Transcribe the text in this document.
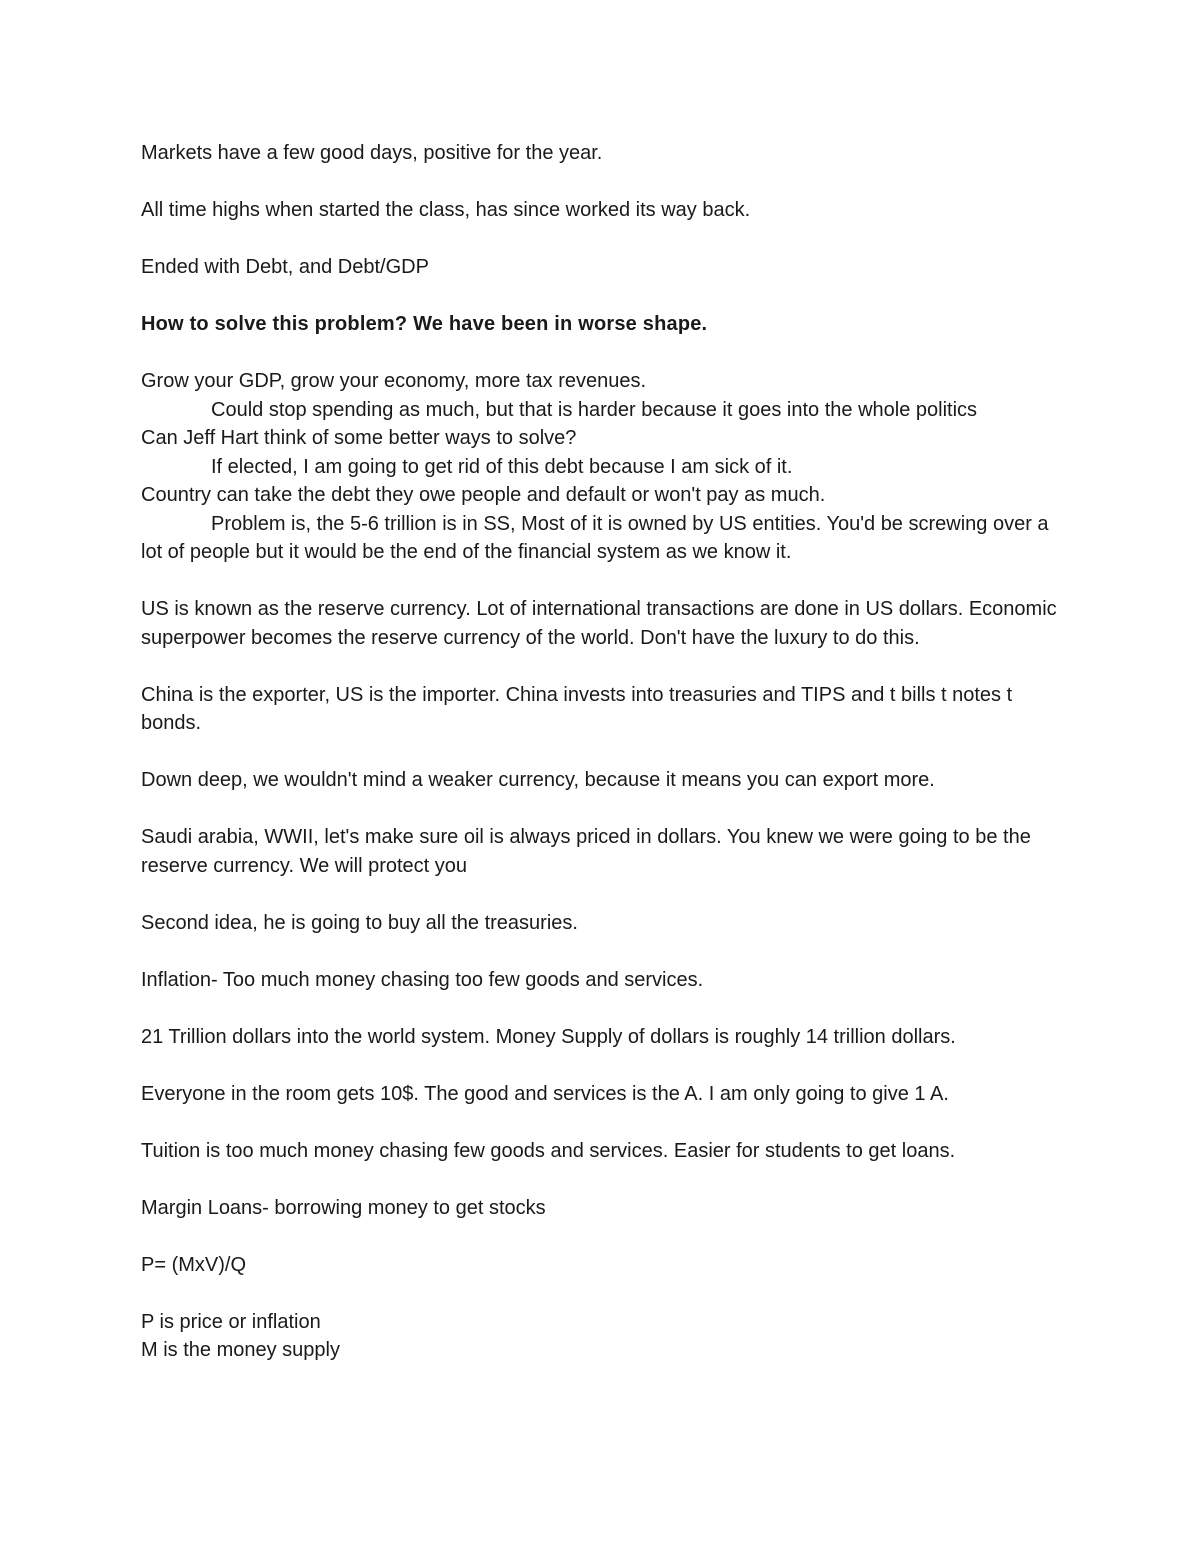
Markets have a few good days, positive for the year.

All time highs when started the class, has since worked its way back.

Ended with Debt, and Debt/GDP

How to solve this problem? We have been in worse shape.

Grow your GDP, grow your economy, more tax revenues.
Could stop spending as much, but that is harder because it goes into the whole politics
Can Jeff Hart think of some better ways to solve?
If elected, I am going to get rid of this debt because I am sick of it.
Country can take the debt they owe people and default or won't pay as much.
Problem is, the 5-6 trillion is in SS, Most of it is owned by US entities. You'd be screwing over a lot of people but it would be the end of the financial system as we know it.

US is known as the reserve currency. Lot of international transactions are done in US dollars. Economic superpower becomes the reserve currency of the world. Don't have the luxury to do this.

China is the exporter, US is the importer. China invests into treasuries and TIPS and t bills t notes t bonds.

Down deep, we wouldn't mind a weaker currency, because it means you can export more.

Saudi arabia, WWII, let's make sure oil is always priced in dollars. You knew we were going to be the reserve currency. We will protect you

Second idea, he is going to buy all the treasuries.

Inflation- Too much money chasing too few goods and services.

21 Trillion dollars into the world system. Money Supply of dollars is roughly 14 trillion dollars.

Everyone in the room gets 10$. The good and services is the A. I am only going to give 1 A.

Tuition is too much money chasing few goods and services. Easier for students to get loans.

Margin Loans- borrowing money to get stocks

P= (MxV)/Q

P is price or inflation
M is the money supply
